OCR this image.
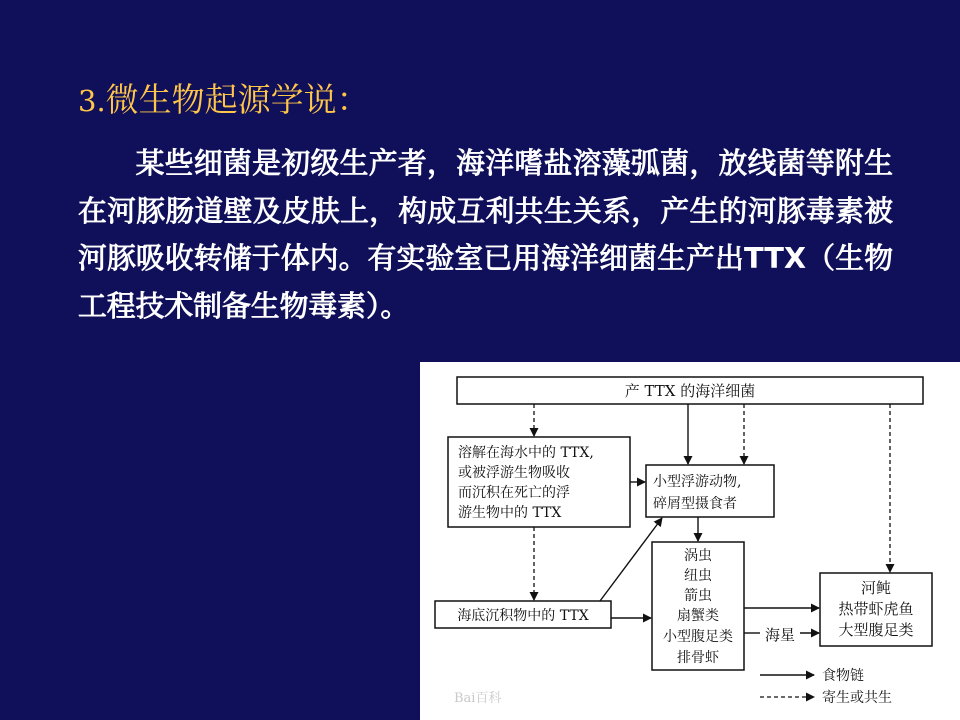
3.微生物起源学说：

某些细菌是初级生产者，海洋嗜盐溶藻弧菌，放线菌等附生在河豚肠道壁及皮肤上，构成互利共生关系，产生的河豚毒素被河豚吸收转储于体内。有实验室已用海洋细菌生产出TTX（生物工程技术制备生物毒素）。

产 TTX 的海洋细菌
溶解在海水中的 TTX,
或被浮游生物吸收
而沉积在死亡的浮
游生物中的 TTX
小型浮游动物,
碎屑型摄食者
涡虫
纽虫
箭虫
扇蟹类
小型腹足类
排骨虾
海底沉积物中的 TTX
河鲀
热带虾虎鱼
大型腹足类
海星
食物链
寄生或共生
Bai百科
